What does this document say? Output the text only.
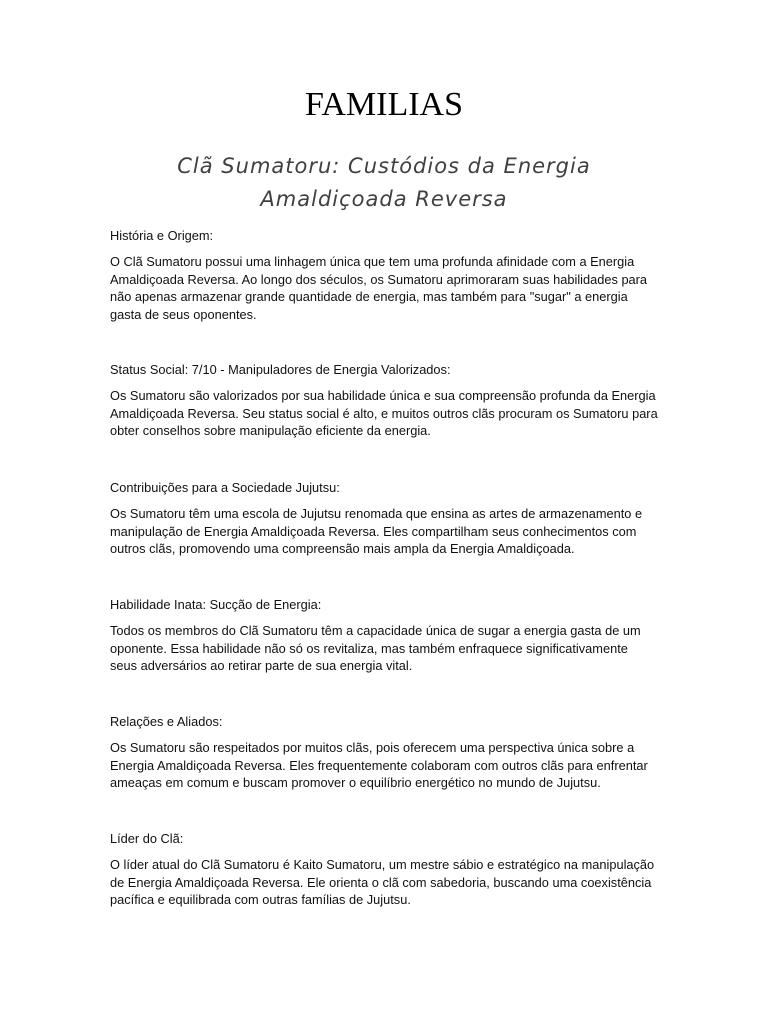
FAMILIAS
Clã Sumatoru: Custódios da Energia
Amaldiçoada Reversa
História e Origem:
O Clã Sumatoru possui uma linhagem única que tem uma profunda afinidade com a Energia
Amaldiçoada Reversa. Ao longo dos séculos, os Sumatoru aprimoraram suas habilidades para
não apenas armazenar grande quantidade de energia, mas também para "sugar" a energia
gasta de seus oponentes.
Status Social: 7/10 - Manipuladores de Energia Valorizados:
Os Sumatoru são valorizados por sua habilidade única e sua compreensão profunda da Energia
Amaldiçoada Reversa. Seu status social é alto, e muitos outros clãs procuram os Sumatoru para
obter conselhos sobre manipulação eficiente da energia.
Contribuições para a Sociedade Jujutsu:
Os Sumatoru têm uma escola de Jujutsu renomada que ensina as artes de armazenamento e
manipulação de Energia Amaldiçoada Reversa. Eles compartilham seus conhecimentos com
outros clãs, promovendo uma compreensão mais ampla da Energia Amaldiçoada.
Habilidade Inata: Sucção de Energia:
Todos os membros do Clã Sumatoru têm a capacidade única de sugar a energia gasta de um
oponente. Essa habilidade não só os revitaliza, mas também enfraquece significativamente
seus adversários ao retirar parte de sua energia vital.
Relações e Aliados:
Os Sumatoru são respeitados por muitos clãs, pois oferecem uma perspectiva única sobre a
Energia Amaldiçoada Reversa. Eles frequentemente colaboram com outros clãs para enfrentar
ameaças em comum e buscam promover o equilíbrio energético no mundo de Jujutsu.
Líder do Clã:
O líder atual do Clã Sumatoru é Kaito Sumatoru, um mestre sábio e estratégico na manipulação
de Energia Amaldiçoada Reversa. Ele orienta o clã com sabedoria, buscando uma coexistência
pacífica e equilibrada com outras famílias de Jujutsu.
